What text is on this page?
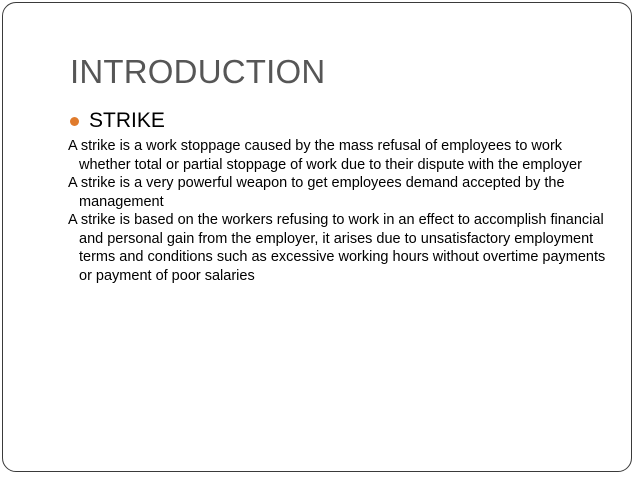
INTRODUCTION
STRIKE

A strike is a work stoppage caused by the mass refusal of employees to work whether total or partial stoppage of work due to their dispute with the employer

A strike is a very powerful weapon to get employees demand accepted by the management

A strike is based on the workers refusing to work in an effect to accomplish financial and personal gain from the employer, it arises due to unsatisfactory employment terms and conditions such as excessive working hours without overtime payments or payment of poor salaries
